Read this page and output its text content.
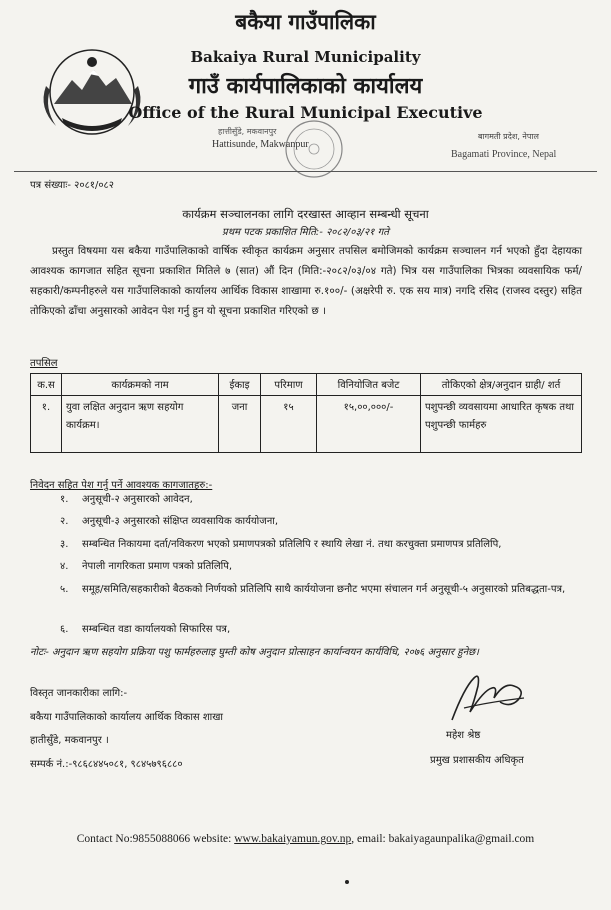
बकैया गाउँपालिका
Bakaiya Rural Municipality
गाउँ कार्यपालिकाको कार्यालय
Office of the Rural Municipal Executive
हात्तीसुँडे, मकवानपुर
Hattisunde, Makwanpur
बागमती प्रदेश, नेपाल
Bagamati Province, Nepal
पत्र संख्याः- २०८१/०८२
कार्यक्रम सञ्चालनका लागि दरखास्त आव्हान सम्बन्धी सूचना
प्रथम पटक प्रकाशित मिति:- २०८२/०३/२१ गते
प्रस्तुत विषयमा यस बकैया गाउँपालिकाको वार्षिक स्वीकृत कार्यक्रम अनुसार तपसिल बमोजिमको कार्यक्रम सञ्चालन गर्न भएको हुँदा देहायका आवश्यक कागजात सहित सूचना प्रकाशित मितिले ७ (सात) औं दिन (मिति:-२०८२/०३/०४ गते) भित्र यस गाउँपालिका भित्रका व्यवसायिक फर्म/सहकारी/कम्पनीहरुले यस गाउँपालिकाको कार्यालय आर्थिक विकास शाखामा रु.१००/- (अक्षरेपी रु. एक सय मात्र) नगदि रसिद (राजस्व दस्तुर) सहित तोकिएको ढाँचा अनुसारको आवेदन पेश गर्नु हुन यो सूचना प्रकाशित गरिएको छ ।
तपसिल
क.स	कार्यक्रमको नाम	ईकाइ	परिमाण	विनियोजित बजेट	तोकिएको क्षेत्र/अनुदान ग्राही/ शर्त
१.	युवा लक्षित अनुदान ऋण सहयोग कार्यक्रम।	जना	१५	१५,००,०००/-	पशुपन्छी व्यवसायमा आधारित कृषक तथा पशुपन्छी फार्महरु
निवेदन सहित पेश गर्नु पर्ने आवश्यक कागजातहरु:-
१.	अनुसूची-२ अनुसारको आवेदन,
२.	अनुसूची-३ अनुसारको संक्षिप्त व्यवसायिक कार्ययोजना,
३.	सम्बन्धित निकायमा दर्ता/नविकरण भएको प्रमाणपत्रको प्रतिलिपि र स्थायि लेखा नं. तथा करचुक्ता प्रमाणपत्र प्रतिलिपि,
४.	नेपाली नागरिकता प्रमाण पत्रको प्रतिलिपि,
५.	समूह/समिति/सहकारीको बैठकको निर्णयको प्रतिलिपि साथै कार्ययोजना छनौट भएमा संचालन गर्न अनुसूची-५ अनुसारको प्रतिबद्धता-पत्र,
६.	सम्बन्धित वडा कार्यालयको सिफारिस पत्र,
नोटः- अनुदान ऋण सहयोग प्रक्रिया पशु फार्महरुलाइ घुम्ती कोष अनुदान प्रोत्साहन कार्यान्वयन कार्यविधि, २०७६ अनुसार हुनेछ।
विस्तृत जानकारीका लागि:-
बकैया गाउँपालिकाको कार्यालय आर्थिक विकास शाखा
हातीसुँडे, मकवानपुर ।
सम्पर्क नं.:-९८६८४४५०८१, ९८४५७९६८८०
महेश श्रेष्ठ
प्रमुख प्रशासकीय अधिकृत
Contact No:9855088066 website: www.bakaiyamun.gov.np, email: bakaiyagaunpalika@gmail.com
